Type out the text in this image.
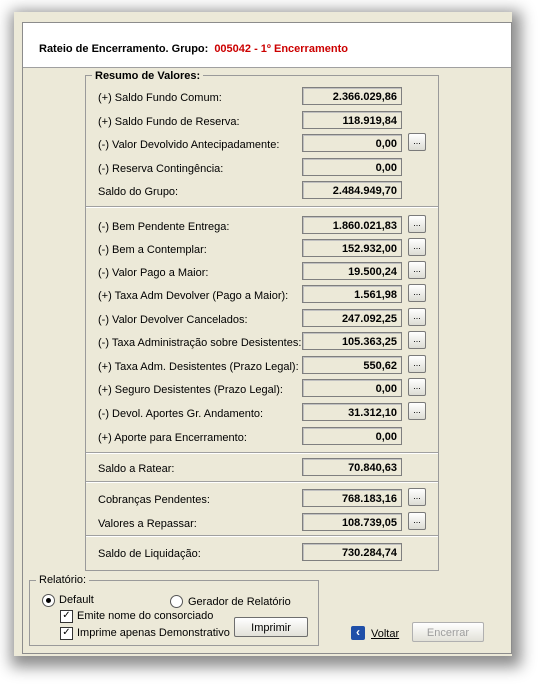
Rateio de Encerramento. Grupo: 005042 - 1º Encerramento
Resumo de Valores:
(+) Saldo Fundo Comum:	2.366.029,86
(+) Saldo Fundo de Reserva:	118.919,84
(-) Valor Devolvido Antecipadamente:	0,00	...
(-) Reserva Contingência:	0,00
Saldo do Grupo:	2.484.949,70
(-) Bem Pendente Entrega:	1.860.021,83	...
(-) Bem a Contemplar:	152.932,00	...
(-) Valor Pago a Maior:	19.500,24	...
(+) Taxa Adm Devolver (Pago a Maior):	1.561,98	...
(-) Valor Devolver Cancelados:	247.092,25	...
(-) Taxa Administração sobre Desistentes:	105.363,25	...
(+) Taxa Adm. Desistentes (Prazo Legal):	550,62	...
(+) Seguro Desistentes (Prazo Legal):	0,00	...
(-) Devol. Aportes Gr. Andamento:	31.312,10	...
(+) Aporte para Encerramento:	0,00
Saldo a Ratear:	70.840,63
Cobranças Pendentes:	768.183,16	...
Valores a Repassar:	108.739,05	...
Saldo de Liquidação:	730.284,74
Relatório:
Default	Gerador de Relatório
✓ Emite nome do consorciado
✓ Imprime apenas Demonstrativo	Imprimir	‹	Voltar	Encerrar
